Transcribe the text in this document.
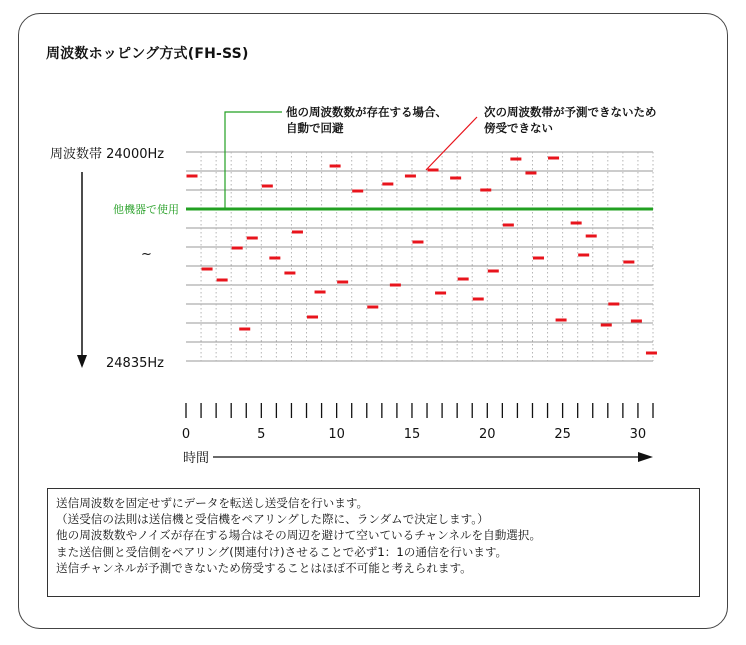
周波数ホッピング方式(FH-SS)
周波数帯 24000Hz
24835Hz
~
他機器で使用
他の周波数数が存在する場合、
自動で回避
次の周波数帯が予測できないため
傍受できない
0	5	10	15	20	25	30
時間
送信周波数を固定せずにデータを転送し送受信を行います。
（送受信の法則は送信機と受信機をペアリングした際に、ランダムで決定します。）
他の周波数数やノイズが存在する場合はその周辺を避けて空いているチャンネルを自動選択。
また送信側と受信側をペアリング(関連付け)させることで必ず1：1の通信を行います。
送信チャンネルが予測できないため傍受することはほぼ不可能と考えられます。
